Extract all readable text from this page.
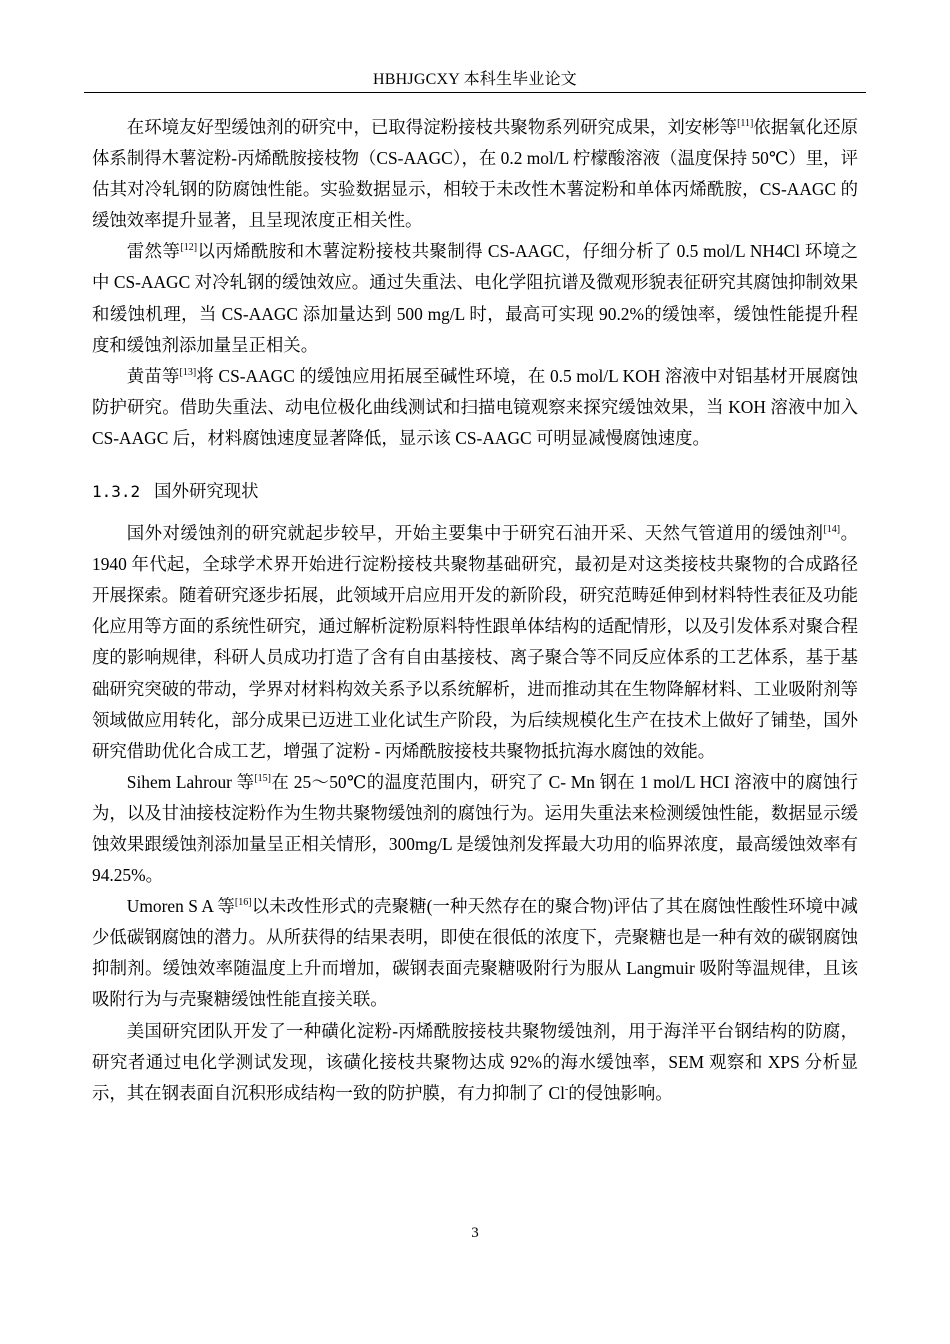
HBHJGCXY 本科生毕业论文

在环境友好型缓蚀剂的研究中，已取得淀粉接枝共聚物系列研究成果，刘安彬等[11]依据氧化还原体系制得木薯淀粉-丙烯酰胺接枝物（CS-AAGC），在 0.2 mol/L 柠檬酸溶液（温度保持 50℃）里，评估其对冷轧钢的防腐蚀性能。实验数据显示，相较于未改性木薯淀粉和单体丙烯酰胺，CS-AAGC 的缓蚀效率提升显著，且呈现浓度正相关性。

雷然等[12]以丙烯酰胺和木薯淀粉接枝共聚制得 CS-AAGC，仔细分析了 0.5 mol/L NH4Cl 环境之中 CS-AAGC 对冷轧钢的缓蚀效应。通过失重法、电化学阻抗谱及微观形貌表征研究其腐蚀抑制效果和缓蚀机理，当 CS-AAGC 添加量达到 500 mg/L 时，最高可实现 90.2%的缓蚀率，缓蚀性能提升程度和缓蚀剂添加量呈正相关。

黄苗等[13]将 CS-AAGC 的缓蚀应用拓展至碱性环境，在 0.5 mol/L KOH 溶液中对铝基材开展腐蚀防护研究。借助失重法、动电位极化曲线测试和扫描电镜观察来探究缓蚀效果，当 KOH 溶液中加入 CS-AAGC 后，材料腐蚀速度显著降低，显示该 CS-AAGC 可明显减慢腐蚀速度。

1.3.2 国外研究现状

国外对缓蚀剂的研究就起步较早，开始主要集中于研究石油开采、天然气管道用的缓蚀剂[14]。1940 年代起，全球学术界开始进行淀粉接枝共聚物基础研究，最初是对这类接枝共聚物的合成路径开展探索。随着研究逐步拓展，此领域开启应用开发的新阶段，研究范畴延伸到材料特性表征及功能化应用等方面的系统性研究，通过解析淀粉原料特性跟单体结构的适配情形，以及引发体系对聚合程度的影响规律，科研人员成功打造了含有自由基接枝、离子聚合等不同反应体系的工艺体系，基于基础研究突破的带动，学界对材料构效关系予以系统解析，进而推动其在生物降解材料、工业吸附剂等领域做应用转化，部分成果已迈进工业化试生产阶段，为后续规模化生产在技术上做好了铺垫，国外研究借助优化合成工艺，增强了淀粉 - 丙烯酰胺接枝共聚物抵抗海水腐蚀的效能。

Sihem Lahrour 等[15]在 25～50℃的温度范围内，研究了 C- Mn 钢在 1 mol/L HCI 溶液中的腐蚀行为，以及甘油接枝淀粉作为生物共聚物缓蚀剂的腐蚀行为。运用失重法来检测缓蚀性能，数据显示缓蚀效果跟缓蚀剂添加量呈正相关情形，300mg/L 是缓蚀剂发挥最大功用的临界浓度，最高缓蚀效率有 94.25%。

Umoren S A 等[16]以未改性形式的壳聚糖(一种天然存在的聚合物)评估了其在腐蚀性酸性环境中减少低碳钢腐蚀的潜力。从所获得的结果表明，即使在很低的浓度下，壳聚糖也是一种有效的碳钢腐蚀抑制剂。缓蚀效率随温度上升而增加，碳钢表面壳聚糖吸附行为服从 Langmuir 吸附等温规律，且该吸附行为与壳聚糖缓蚀性能直接关联。

美国研究团队开发了一种磺化淀粉-丙烯酰胺接枝共聚物缓蚀剂，用于海洋平台钢结构的防腐，研究者通过电化学测试发现，该磺化接枝共聚物达成 92%的海水缓蚀率，SEM 观察和 XPS 分析显示，其在钢表面自沉积形成结构一致的防护膜，有力抑制了 Cl-的侵蚀影响。

3
